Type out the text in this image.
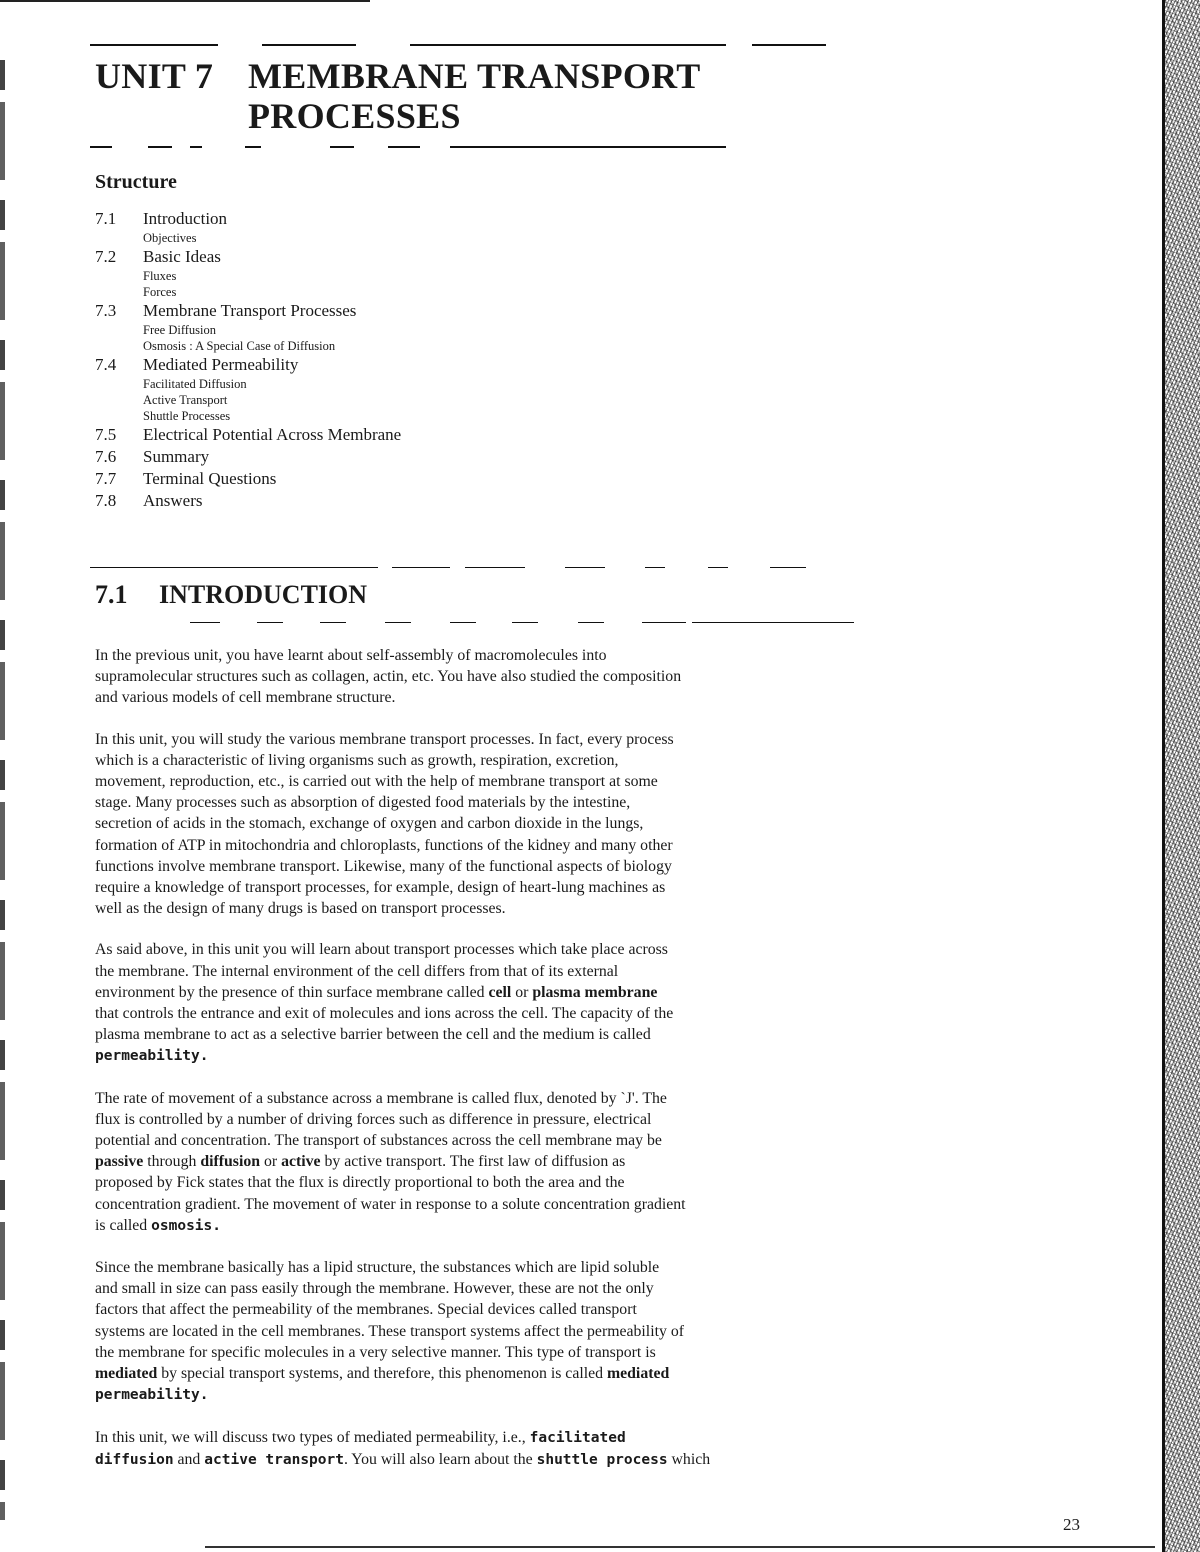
UNIT 7 MEMBRANE TRANSPORT
PROCESSES
Structure
7.1 Introduction
Objectives
7.2 Basic Ideas
Fluxes
Forces
7.3 Membrane Transport Processes
Free Diffusion
Osmosis : A Special Case of Diffusion
7.4 Mediated Permeability
Facilitated Diffusion
Active Transport
Shuttle Processes
7.5 Electrical Potential Across Membrane
7.6 Summary
7.7 Terminal Questions
7.8 Answers
7.1 INTRODUCTION

In the previous unit, you have learnt about self-assembly of macromolecules into
supramolecular structures such as collagen, actin, etc. You have also studied the composition
and various models of cell membrane structure.

In this unit, you will study the various membrane transport processes. In fact, every process
which is a characteristic of living organisms such as growth, respiration, excretion,
movement, reproduction, etc., is carried out with the help of membrane transport at some
stage. Many processes such as absorption of digested food materials by the intestine,
secretion of acids in the stomach, exchange of oxygen and carbon dioxide in the lungs,
formation of ATP in mitochondria and chloroplasts, functions of the kidney and many other
functions involve membrane transport. Likewise, many of the functional aspects of biology
require a knowledge of transport processes, for example, design of heart-lung machines as
well as the design of many drugs is based on transport processes.

As said above, in this unit you will learn about transport processes which take place across
the membrane. The internal environment of the cell differs from that of its external
environment by the presence of thin surface membrane called cell or plasma membrane
that controls the entrance and exit of molecules and ions across the cell. The capacity of the
plasma membrane to act as a selective barrier between the cell and the medium is called
permeability.

The rate of movement of a substance across a membrane is called flux, denoted by `J'. The
flux is controlled by a number of driving forces such as difference in pressure, electrical
potential and concentration. The transport of substances across the cell membrane may be
passive through diffusion or active by active transport. The first law of diffusion as
proposed by Fick states that the flux is directly proportional to both the area and the
concentration gradient. The movement of water in response to a solute concentration gradient
is called osmosis.

Since the membrane basically has a lipid structure, the substances which are lipid soluble
and small in size can pass easily through the membrane. However, these are not the only
factors that affect the permeability of the membranes. Special devices called transport
systems are located in the cell membranes. These transport systems affect the permeability of
the membrane for specific molecules in a very selective manner. This type of transport is
mediated by special transport systems, and therefore, this phenomenon is called mediated
permeability.

In this unit, we will discuss two types of mediated permeability, i.e., facilitated
diffusion and active transport. You will also learn about the shuttle process which

23
